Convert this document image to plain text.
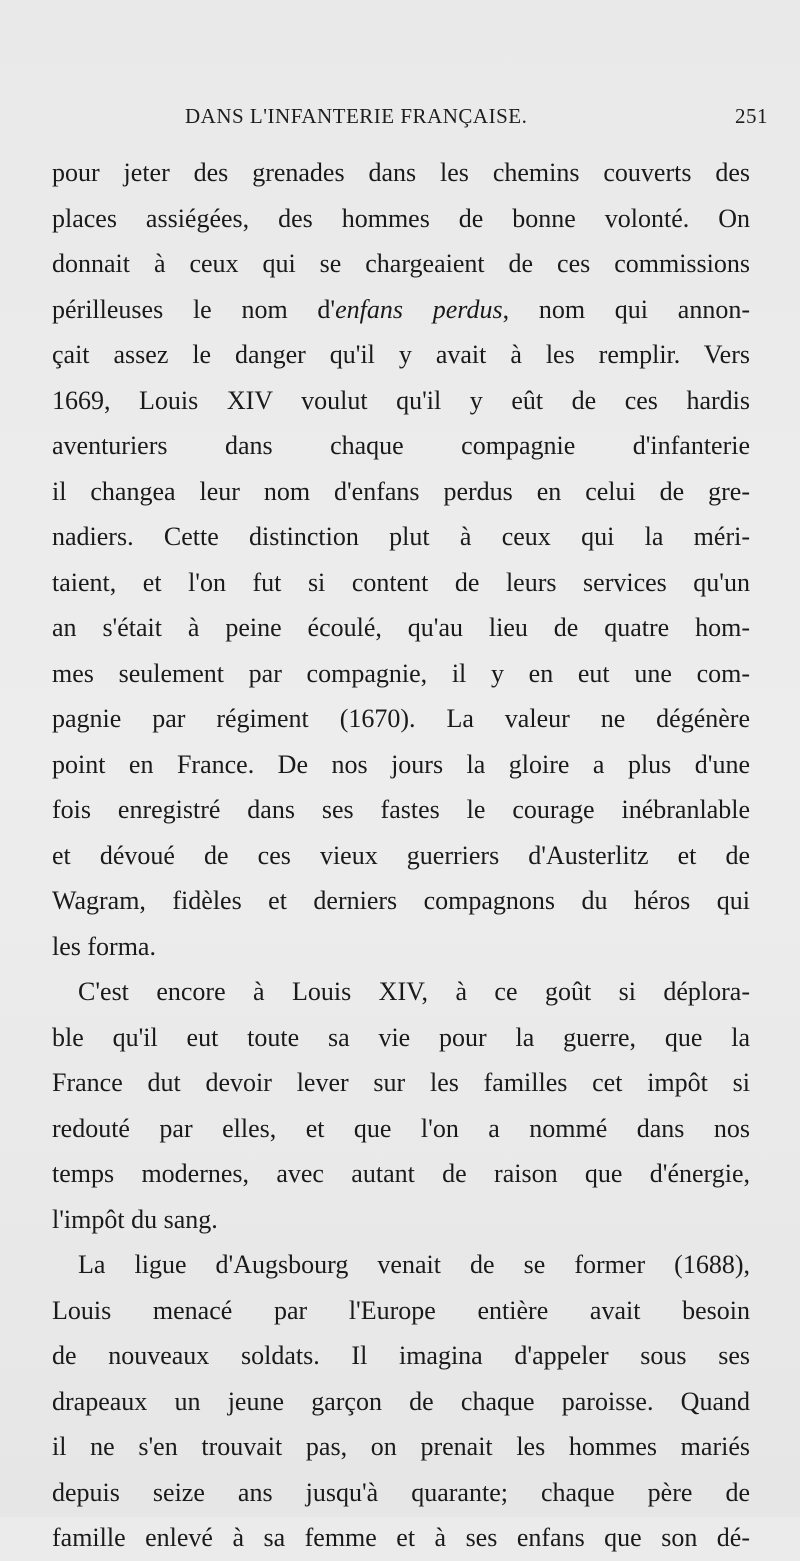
DANS L'INFANTERIE FRANÇAISE.	251
pour jeter des grenades dans les chemins couverts des
places assiégées, des hommes de bonne volonté. On
donnait à ceux qui se chargeaient de ces commissions
périlleuses le nom d'enfans perdus, nom qui annon-
çait assez le danger qu'il y avait à les remplir. Vers
1669, Louis XIV voulut qu'il y eût de ces hardis
aventuriers dans chaque compagnie d'infanterie
il changea leur nom d'enfans perdus en celui de gre-
nadiers. Cette distinction plut à ceux qui la méri-
taient, et l'on fut si content de leurs services qu'un
an s'était à peine écoulé, qu'au lieu de quatre hom-
mes seulement par compagnie, il y en eut une com-
pagnie par régiment (1670). La valeur ne dégénère
point en France. De nos jours la gloire a plus d'une
fois enregistré dans ses fastes le courage inébranlable
et dévoué de ces vieux guerriers d'Austerlitz et de
Wagram, fidèles et derniers compagnons du héros qui
les forma.
C'est encore à Louis XIV, à ce goût si déplora-
ble qu'il eut toute sa vie pour la guerre, que la
France dut devoir lever sur les familles cet impôt si
redouté par elles, et que l'on a nommé dans nos
temps modernes, avec autant de raison que d'énergie,
l'impôt du sang.
La ligue d'Augsbourg venait de se former (1688),
Louis menacé par l'Europe entière avait besoin
de nouveaux soldats. Il imagina d'appeler sous ses
drapeaux un jeune garçon de chaque paroisse. Quand
il ne s'en trouvait pas, on prenait les hommes mariés
depuis seize ans jusqu'à quarante; chaque père de
famille enlevé à sa femme et à ses enfans que son dé-
